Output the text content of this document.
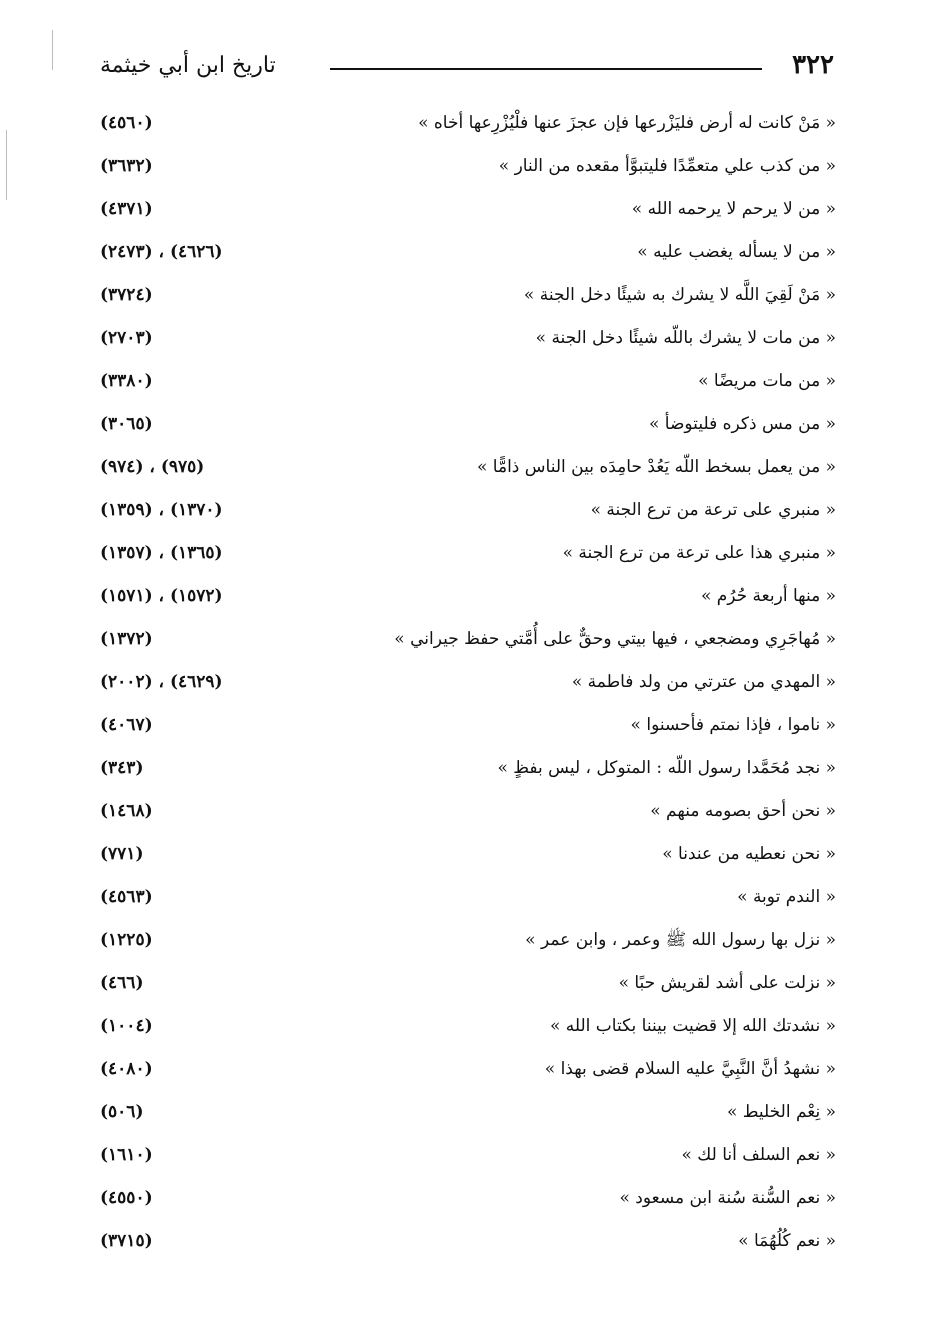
٣٢٢
تاريخ ابن أبي خيثمة
« مَنْ كانت له أرض فليَزْرعها فإن عجزَ عنها فلْيُزْرِعها أخاه »
(٤٥٦٠)
« من كذب علي متعمِّدًا فليتبوَّأ مقعده من النار »
(٣٦٣٢)
« من لا يرحم لا يرحمه الله »
(٤٣٧١)
« من لا يسأله يغضب عليه »
(٢٤٧٣) ، (٤٦٢٦)
« مَنْ لَقِيَ اللَّه لا يشرك به شيئًا دخل الجنة »
(٣٧٢٤)
« من مات لا يشرك باللّه شيئًا دخل الجنة »
(٢٧٠٣)
« من مات مريضًا »
(٣٣٨٠)
« من مس ذكره فليتوضأ »
(٣٠٦٥)
« من يعمل بسخط اللّه يَعُدْ حامِدَه بين الناس ذامًّا »
(٩٧٤) ، (٩٧٥)
« منبري على ترعة من ترع الجنة »
(١٣٥٩) ، (١٣٧٠)
« منبري هذا على ترعة من ترع الجنة »
(١٣٥٧) ، (١٣٦٥)
« منها أربعة حُرُم »
(١٥٧١) ، (١٥٧٢)
« مُهاجَرِي ومضجعي ، فيها بيتي وحقٌّ على أُمَّتي حفظ جيراني »
(١٣٧٢)
« المهدي من عترتي من ولد فاطمة »
(٢٠٠٢) ، (٤٦٢٩)
« ناموا ، فإذا نمتم فأحسنوا »
(٤٠٦٧)
« نجد مُحَمَّدا رسول اللّه : المتوكل ، ليس بفظٍ »
(٣٤٣)
« نحن أحق بصومه منهم »
(١٤٦٨)
« نحن نعطيه من عندنا »
(٧٧١)
« الندم توبة »
(٤٥٦٣)
« نزل بها رسول الله ﷺ وعمر ، وابن عمر »
(١٢٢٥)
« نزلت على أشد لقريش حبًا »
(٤٦٦)
« نشدتك الله إلا قضيت بيننا بكتاب الله »
(١٠٠٤)
« نشهدُ أنَّ النَّبِيَّ عليه السلام قضى بهذا »
(٤٠٨٠)
« نِعْم الخليط »
(٥٠٦)
« نعم السلف أنا لك »
(١٦١٠)
« نعم السُّنة سُنة ابن مسعود »
(٤٥٥٠)
« نعم كُلُهُمَا »
(٣٧١٥)
